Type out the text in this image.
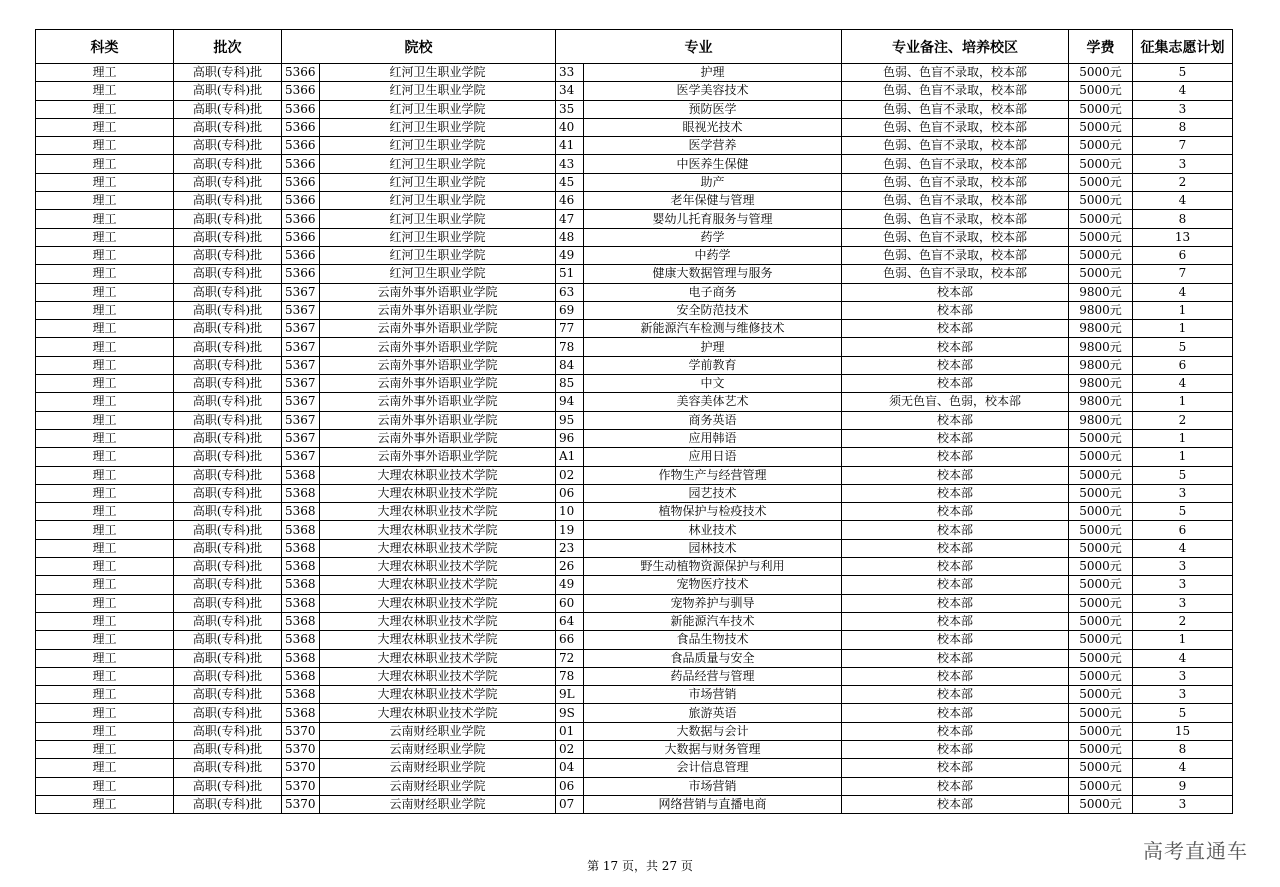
科类	批次	院校		专业		专业备注、培养校区	学费	征集志愿计划
理工	高职(专科)批	5366	红河卫生职业学院	33	护理	色弱、色盲不录取，校本部	5000元	5
理工	高职(专科)批	5366	红河卫生职业学院	34	医学美容技术	色弱、色盲不录取，校本部	5000元	4
理工	高职(专科)批	5366	红河卫生职业学院	35	预防医学	色弱、色盲不录取，校本部	5000元	3
理工	高职(专科)批	5366	红河卫生职业学院	40	眼视光技术	色弱、色盲不录取，校本部	5000元	8
理工	高职(专科)批	5366	红河卫生职业学院	41	医学营养	色弱、色盲不录取，校本部	5000元	7
理工	高职(专科)批	5366	红河卫生职业学院	43	中医养生保健	色弱、色盲不录取，校本部	5000元	3
理工	高职(专科)批	5366	红河卫生职业学院	45	助产	色弱、色盲不录取，校本部	5000元	2
理工	高职(专科)批	5366	红河卫生职业学院	46	老年保健与管理	色弱、色盲不录取，校本部	5000元	4
理工	高职(专科)批	5366	红河卫生职业学院	47	婴幼儿托育服务与管理	色弱、色盲不录取，校本部	5000元	8
理工	高职(专科)批	5366	红河卫生职业学院	48	药学	色弱、色盲不录取，校本部	5000元	13
理工	高职(专科)批	5366	红河卫生职业学院	49	中药学	色弱、色盲不录取，校本部	5000元	6
理工	高职(专科)批	5366	红河卫生职业学院	51	健康大数据管理与服务	色弱、色盲不录取，校本部	5000元	7
理工	高职(专科)批	5367	云南外事外语职业学院	63	电子商务	校本部	9800元	4
理工	高职(专科)批	5367	云南外事外语职业学院	69	安全防范技术	校本部	9800元	1
理工	高职(专科)批	5367	云南外事外语职业学院	77	新能源汽车检测与维修技术	校本部	9800元	1
理工	高职(专科)批	5367	云南外事外语职业学院	78	护理	校本部	9800元	5
理工	高职(专科)批	5367	云南外事外语职业学院	84	学前教育	校本部	9800元	6
理工	高职(专科)批	5367	云南外事外语职业学院	85	中文	校本部	9800元	4
理工	高职(专科)批	5367	云南外事外语职业学院	94	美容美体艺术	须无色盲、色弱，校本部	9800元	1
理工	高职(专科)批	5367	云南外事外语职业学院	95	商务英语	校本部	9800元	2
理工	高职(专科)批	5367	云南外事外语职业学院	96	应用韩语	校本部	5000元	1
理工	高职(专科)批	5367	云南外事外语职业学院	A1	应用日语	校本部	5000元	1
理工	高职(专科)批	5368	大理农林职业技术学院	02	作物生产与经营管理	校本部	5000元	5
理工	高职(专科)批	5368	大理农林职业技术学院	06	园艺技术	校本部	5000元	3
理工	高职(专科)批	5368	大理农林职业技术学院	10	植物保护与检疫技术	校本部	5000元	5
理工	高职(专科)批	5368	大理农林职业技术学院	19	林业技术	校本部	5000元	6
理工	高职(专科)批	5368	大理农林职业技术学院	23	园林技术	校本部	5000元	4
理工	高职(专科)批	5368	大理农林职业技术学院	26	野生动植物资源保护与利用	校本部	5000元	3
理工	高职(专科)批	5368	大理农林职业技术学院	49	宠物医疗技术	校本部	5000元	3
理工	高职(专科)批	5368	大理农林职业技术学院	60	宠物养护与驯导	校本部	5000元	3
理工	高职(专科)批	5368	大理农林职业技术学院	64	新能源汽车技术	校本部	5000元	2
理工	高职(专科)批	5368	大理农林职业技术学院	66	食品生物技术	校本部	5000元	1
理工	高职(专科)批	5368	大理农林职业技术学院	72	食品质量与安全	校本部	5000元	4
理工	高职(专科)批	5368	大理农林职业技术学院	78	药品经营与管理	校本部	5000元	3
理工	高职(专科)批	5368	大理农林职业技术学院	9L	市场营销	校本部	5000元	3
理工	高职(专科)批	5368	大理农林职业技术学院	9S	旅游英语	校本部	5000元	5
理工	高职(专科)批	5370	云南财经职业学院	01	大数据与会计	校本部	5000元	15
理工	高职(专科)批	5370	云南财经职业学院	02	大数据与财务管理	校本部	5000元	8
理工	高职(专科)批	5370	云南财经职业学院	04	会计信息管理	校本部	5000元	4
理工	高职(专科)批	5370	云南财经职业学院	06	市场营销	校本部	5000元	9
理工	高职(专科)批	5370	云南财经职业学院	07	网络营销与直播电商	校本部	5000元	3
第 17 页，共 27 页
高考直通车
